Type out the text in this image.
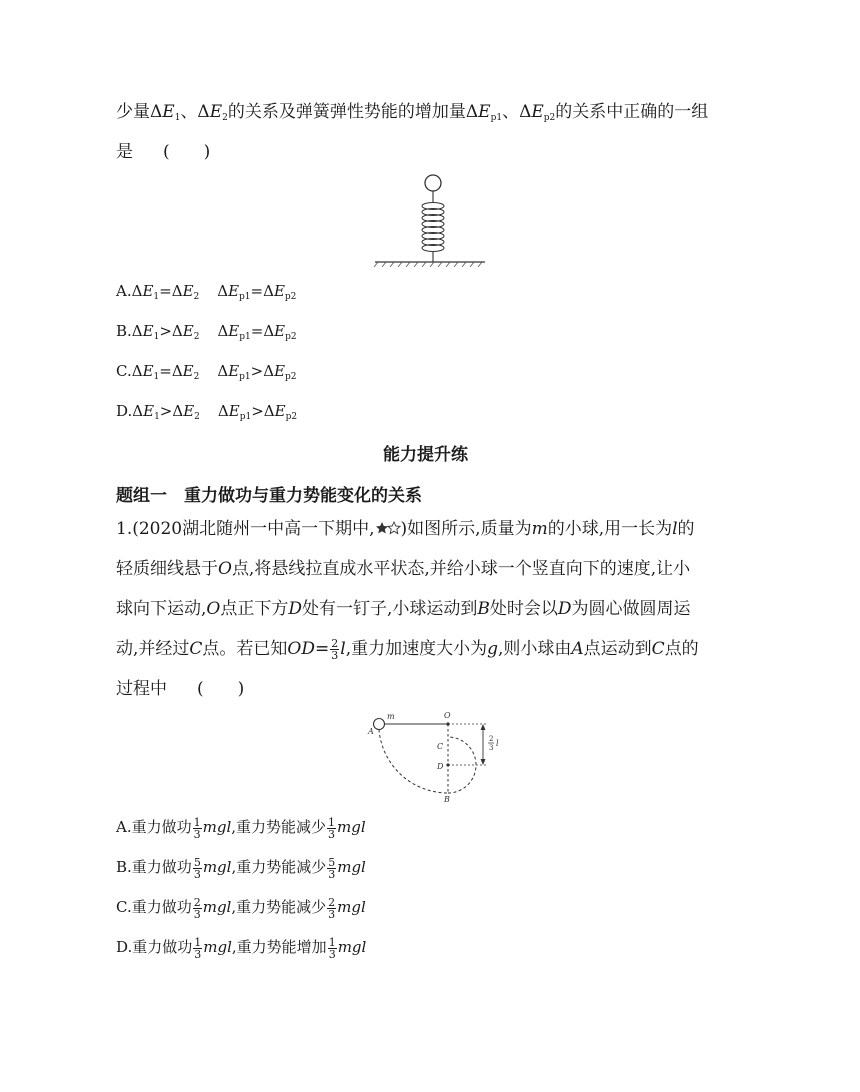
少量$\Delta E_1$、$\Delta E_2$的关系及弹簧弹性势能的增加量$\Delta E_{p1}$、$\Delta E_{p2}$的关系中正确的一组
是 (　　)
$A.\Delta E_1=\Delta E_2$ $\Delta E_{p1}=\Delta E_{p2}$
$B.\Delta E_1>\Delta E_2$ $\Delta E_{p1}=\Delta E_{p2}$
$C.\Delta E_1=\Delta E_2$ $\Delta E_{p1}>\Delta E_{p2}$
$D.\Delta E_1>\Delta E_2$ $\Delta E_{p1}>\Delta E_{p2}$
能力提升练
题组一　重力做功与重力势能变化的关系
1.(2020湖北随州一中高一下期中, )如图所示,质量为m的小球,用一长为l的
轻质细线悬于O点,将悬线拉直成水平状态,并给小球一个竖直向下的速度,让小
球向下运动,O点正下方D处有一钉子,小球运动到B处时会以D为圆心做圆周运
动,并经过C点。若已知$OD= \frac{2}{3} l$,重力加速度大小为g,则小球由A点运动到C点的
过程中 (　　)
m	O
A
C
D
B
2
3 l
A.重力做功 $\frac{1}{3}$ mgl,重力势能减少 $\frac{1}{3}$ mgl
B.重力做功 $\frac{5}{3}$ mgl,重力势能减少 $\frac{5}{3}$ mgl
C.重力做功 $\frac{2}{3}$ mgl,重力势能减少 $\frac{2}{3}$ mgl
D.重力做功 $\frac{1}{3}$ mgl,重力势能增加 $\frac{1}{3}$ mgl
